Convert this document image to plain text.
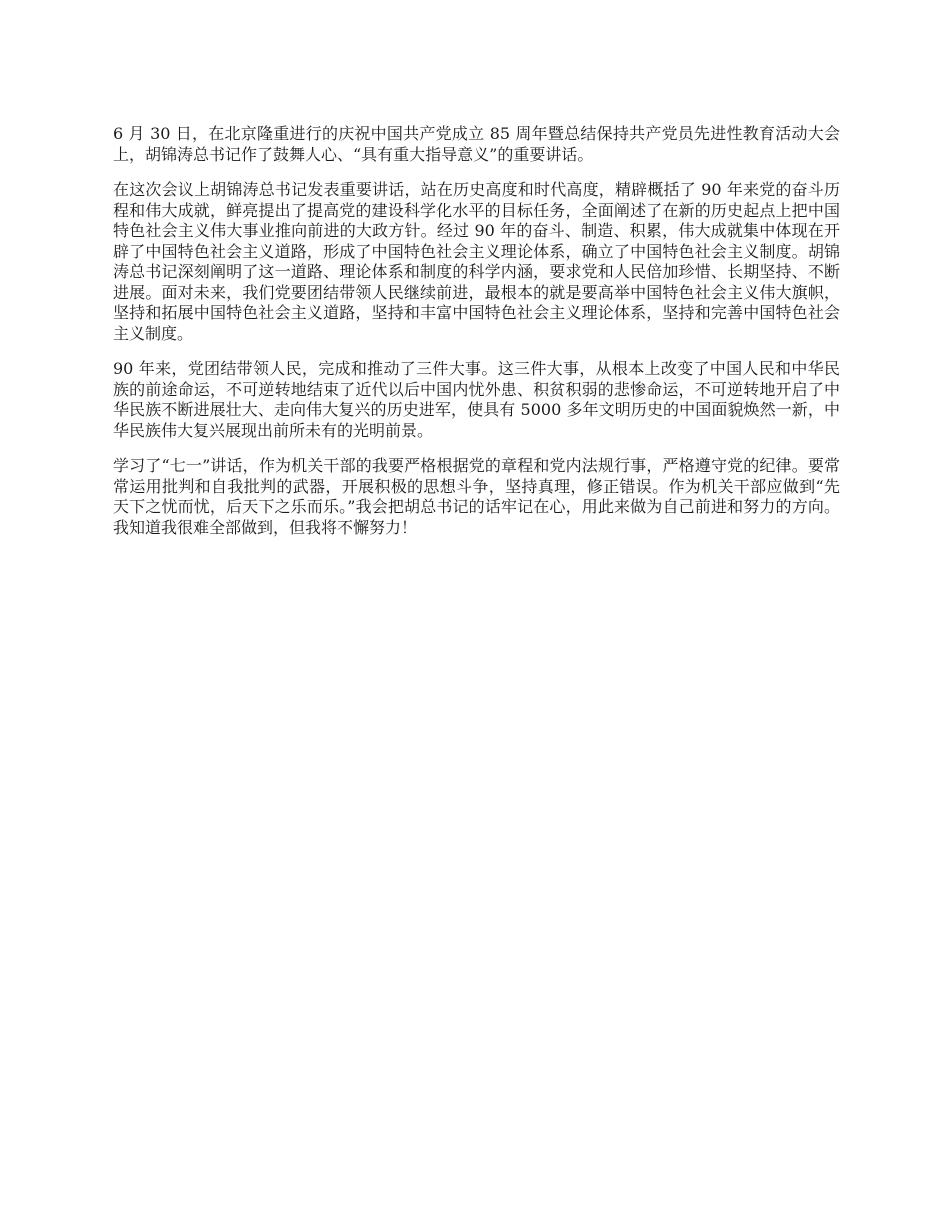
6 月 30 日，在北京隆重进行的庆祝中国共产党成立 85 周年暨总结保持共产党员先进性教育活动大会上，胡锦涛总书记作了鼓舞人心、“具有重大指导意义”的重要讲话。

在这次会议上胡锦涛总书记发表重要讲话，站在历史高度和时代高度，精辟概括了 90 年来党的奋斗历程和伟大成就，鲜亮提出了提高党的建设科学化水平的目标任务，全面阐述了在新的历史起点上把中国特色社会主义伟大事业推向前进的大政方针。经过 90 年的奋斗、制造、积累，伟大成就集中体现在开辟了中国特色社会主义道路，形成了中国特色社会主义理论体系，确立了中国特色社会主义制度。胡锦涛总书记深刻阐明了这一道路、理论体系和制度的科学内涵，要求党和人民倍加珍惜、长期坚持、不断进展。面对未来，我们党要团结带领人民继续前进，最根本的就是要高举中国特色社会主义伟大旗帜，坚持和拓展中国特色社会主义道路，坚持和丰富中国特色社会主义理论体系，坚持和完善中国特色社会主义制度。

90 年来，党团结带领人民，完成和推动了三件大事。这三件大事，从根本上改变了中国人民和中华民族的前途命运，不可逆转地结束了近代以后中国内忧外患、积贫积弱的悲惨命运，不可逆转地开启了中华民族不断进展壮大、走向伟大复兴的历史进军，使具有 5000 多年文明历史的中国面貌焕然一新，中华民族伟大复兴展现出前所未有的光明前景。

学习了“七一”讲话，作为机关干部的我要严格根据党的章程和党内法规行事，严格遵守党的纪律。要常常运用批判和自我批判的武器，开展积极的思想斗争，坚持真理，修正错误。作为机关干部应做到“先天下之忧而忧，后天下之乐而乐。”我会把胡总书记的话牢记在心，用此来做为自己前进和努力的方向。我知道我很难全部做到，但我将不懈努力！
